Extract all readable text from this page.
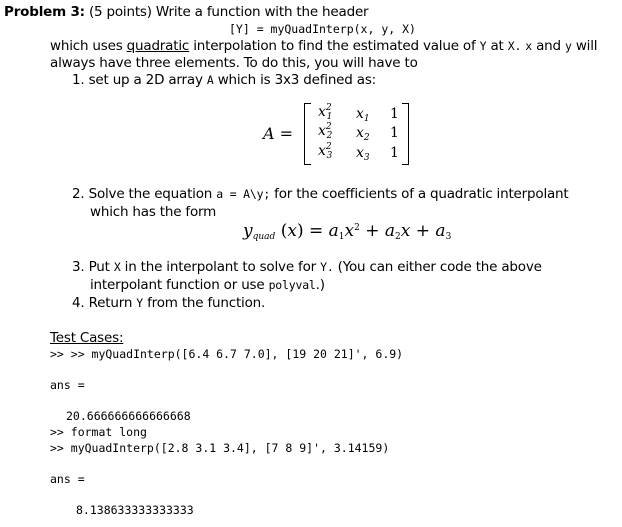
Problem 3: (5 points) Write a function with the header
[Y] = myQuadInterp(x, y, X)
which uses quadratic interpolation to find the estimated value of Y at X. x and y will
always have three elements. To do this, you will have to
1. set up a 2D array A which is 3x3 defined as:
A =
$x^2_1$ $x_1$ 1
$x^2_2$ $x_2$ 1
$x^2_3$ $x_3$ 1
2. Solve the equation a = A\y; for the coefficients of a quadratic interpolant
which has the form
$y_{quad}$ $(x) = a_1x^2 + a_2x + a_3$
3. Put X in the interpolant to solve for Y. (You can either code the above
interpolant function or use polyval.)
4. Return Y from the function.
Test Cases:
>> >> myQuadInterp([6.4 6.7 7.0], [19 20 21]', 6.9)
ans =
20.666666666666668
>> format long
>> myQuadInterp([2.8 3.1 3.4], [7 8 9]', 3.14159)
ans =
8.138633333333333
